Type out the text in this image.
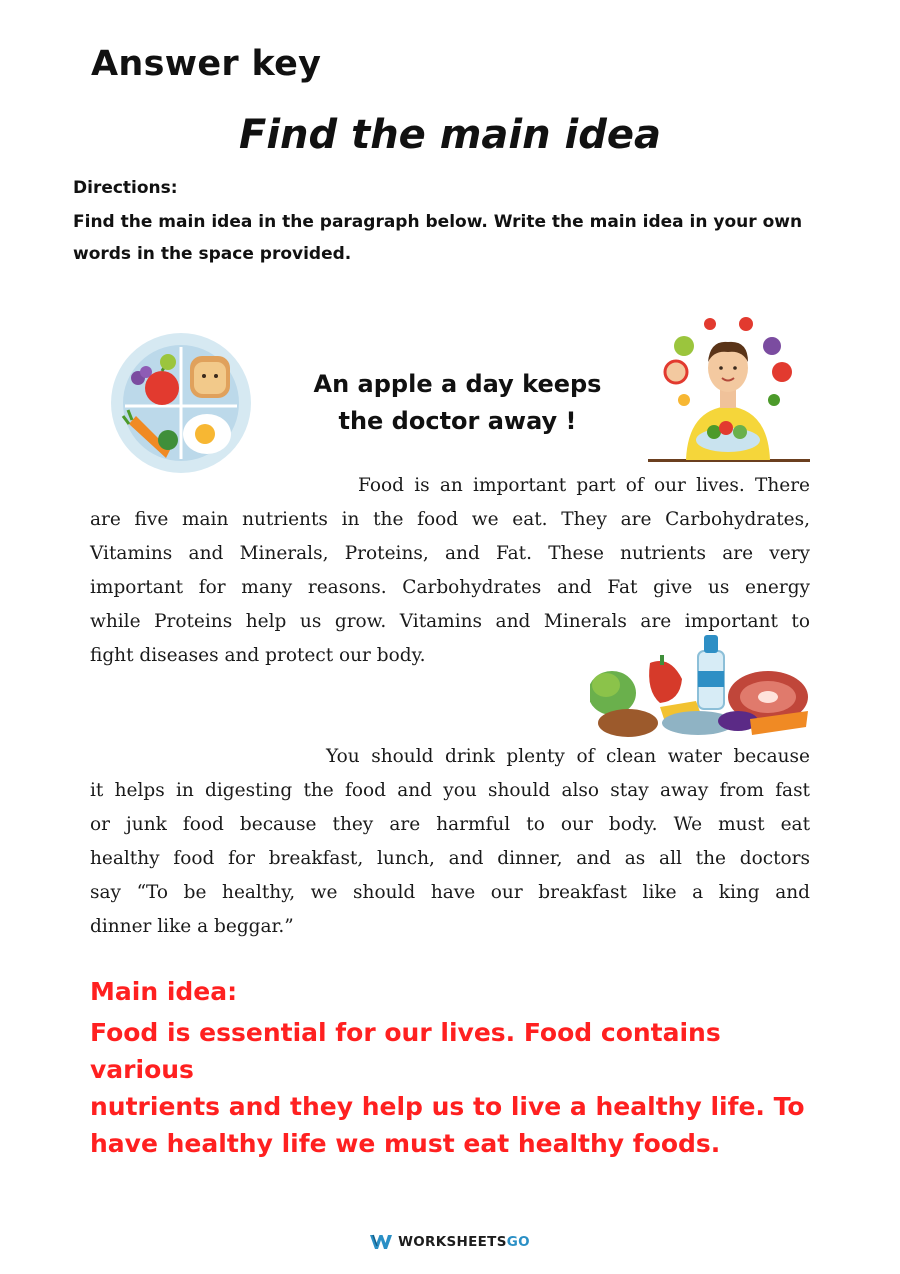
Answer key
Find the main idea
Directions:
Find the main idea in the paragraph below. Write the main idea in your own words in the space provided.
An apple a day keeps
the doctor away !
Food is an important part of our lives. There
are five main nutrients in the food we eat. They are Carbohydrates,
Vitamins and Minerals, Proteins, and Fat. These nutrients are very
important for many reasons. Carbohydrates and Fat give us energy
while Proteins help us grow. Vitamins and Minerals are important to
fight diseases and protect our body.
You should drink plenty of clean water because
it helps in digesting the food and you should also stay away from fast
or junk food because they are harmful to our body. We must eat
healthy food for breakfast, lunch, and dinner, and as all the doctors
say “To be healthy, we should have our breakfast like a king and
dinner like a beggar.”
Main idea:
Food is essential for our lives. Food contains various
nutrients and they help us to live a healthy life. To
have healthy life we must eat healthy foods.
WORKSHEETSGO
